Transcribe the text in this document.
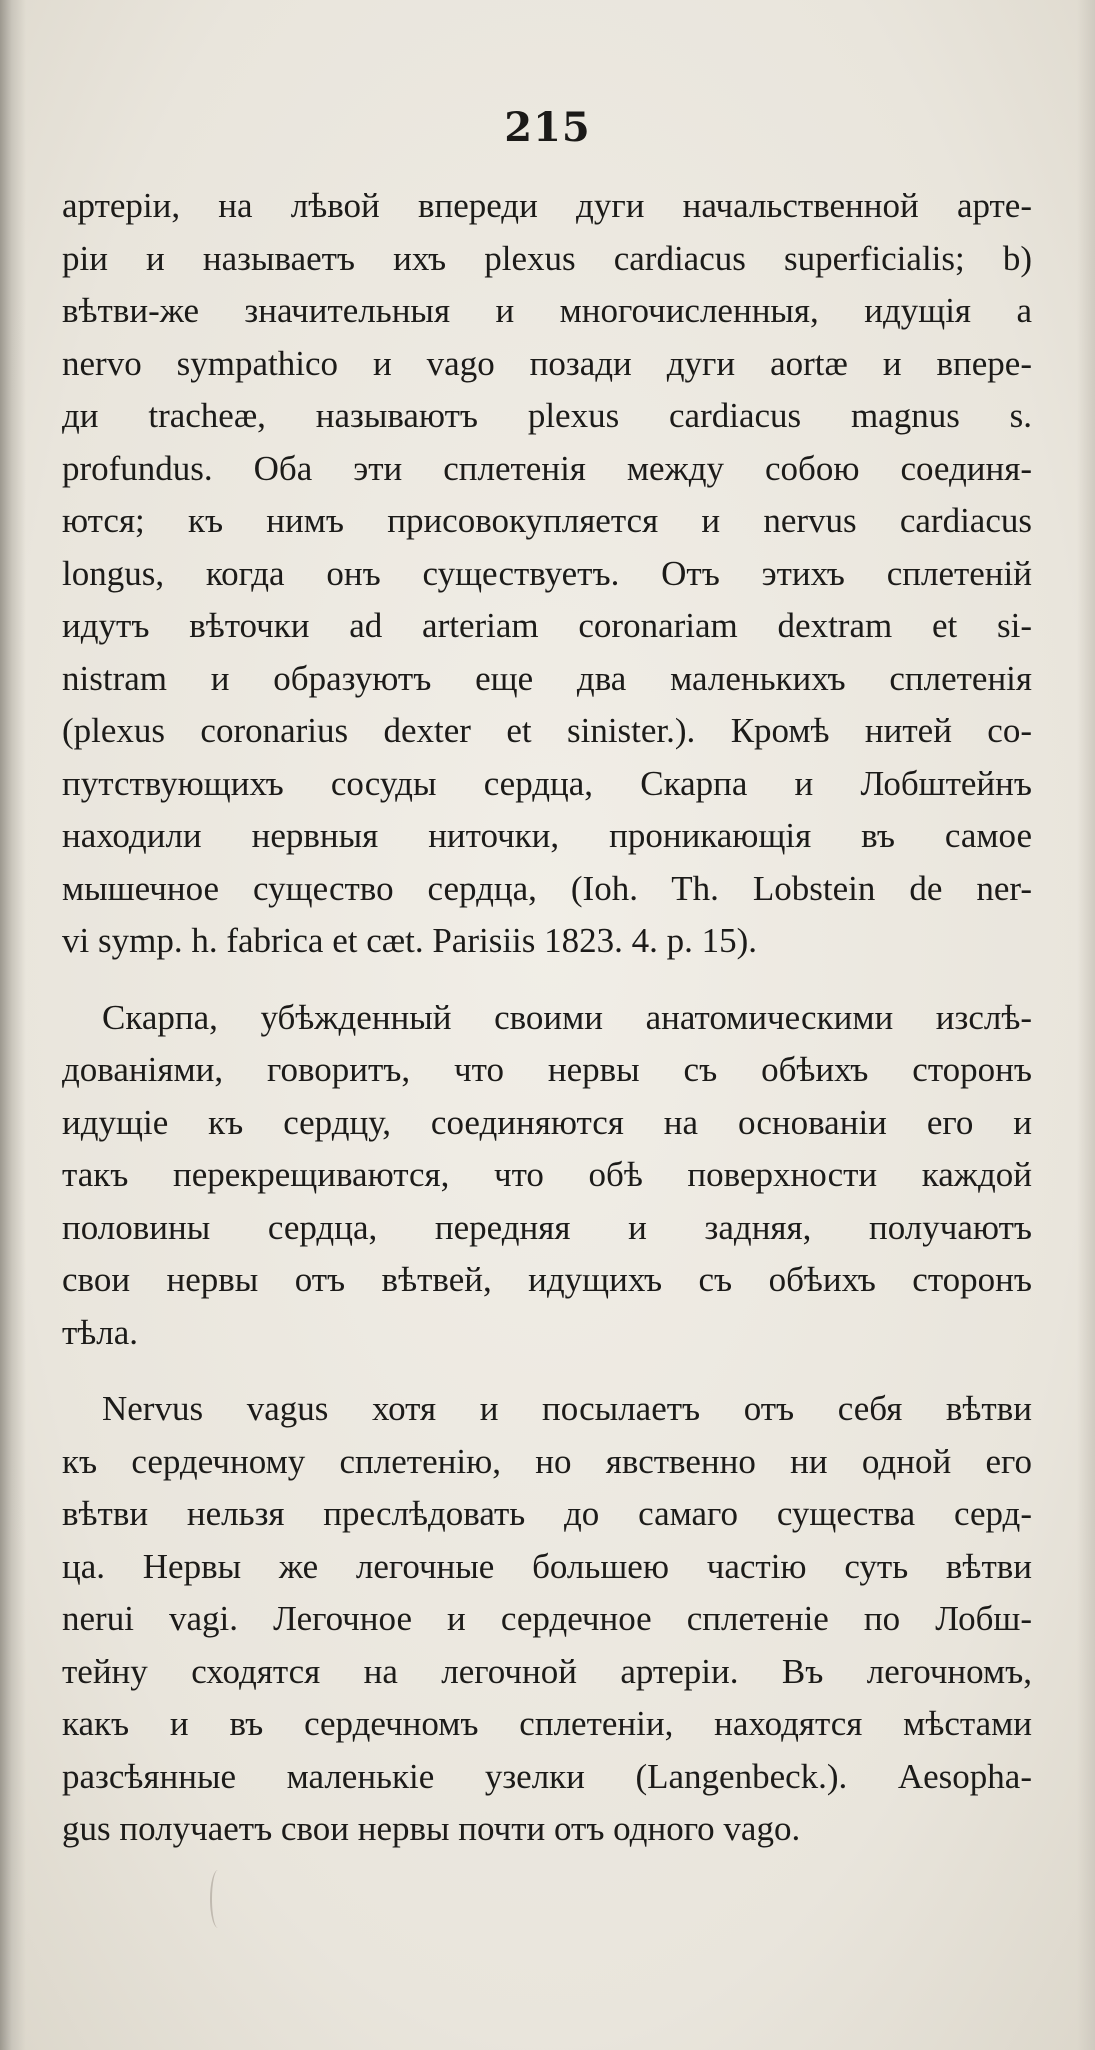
215
артеріи, на лѣвой впереди дуги начальственной арте-
ріи и называетъ ихъ plexus cardiacus superficialis; b)
вѣтви-же значительныя и многочисленныя, идущія а
nervo sympathico и vago позади дуги aortæ и впере-
ди tracheæ, называютъ plexus cardiacus magnus s.
profundus. Оба эти сплетенія между собою соединя-
ются; къ нимъ присовокупляется и nervus cardiacus
longus, когда онъ существуетъ. Отъ этихъ сплетеній
идутъ вѣточки ad arteriam coronariam dextram et si-
nistram и образуютъ еще два маленькихъ сплетенія
(plexus coronarius dexter et sinister.). Кромѣ нитей со-
путствующихъ сосуды сердца, Скарпа и Лобштейнъ
находили нервныя ниточки, проникающія въ самое
мышечное существо сердца, (Ioh. Th. Lobstein de ner-
vi symp. h. fabrica et cæt. Parisiis 1823. 4. p. 15).
Скарпа, убѣжденный своими анатомическими изслѣ-
дованіями, говоритъ, что нервы съ обѣихъ сторонъ
идущіе къ сердцу, соединяются на основаніи его и
такъ перекрещиваются, что обѣ поверхности каждой
половины сердца, передняя и задняя, получаютъ
свои нервы отъ вѣтвей, идущихъ съ обѣихъ сторонъ
тѣла.
Nervus vagus хотя и посылаетъ отъ себя вѣтви
къ сердечному сплетенію, но явственно ни одной его
вѣтви нельзя преслѣдовать до самаго существа серд-
ца. Нервы же легочные большею частію суть вѣтви
nerui vagi. Легочное и сердечное сплетеніе по Лобш-
тейну сходятся на легочной артеріи. Въ легочномъ,
какъ и въ сердечномъ сплетеніи, находятся мѣстами
разсѣянные маленькіе узелки (Langenbeck.). Aesopha-
gus получаетъ свои нервы почти отъ одного vago.
